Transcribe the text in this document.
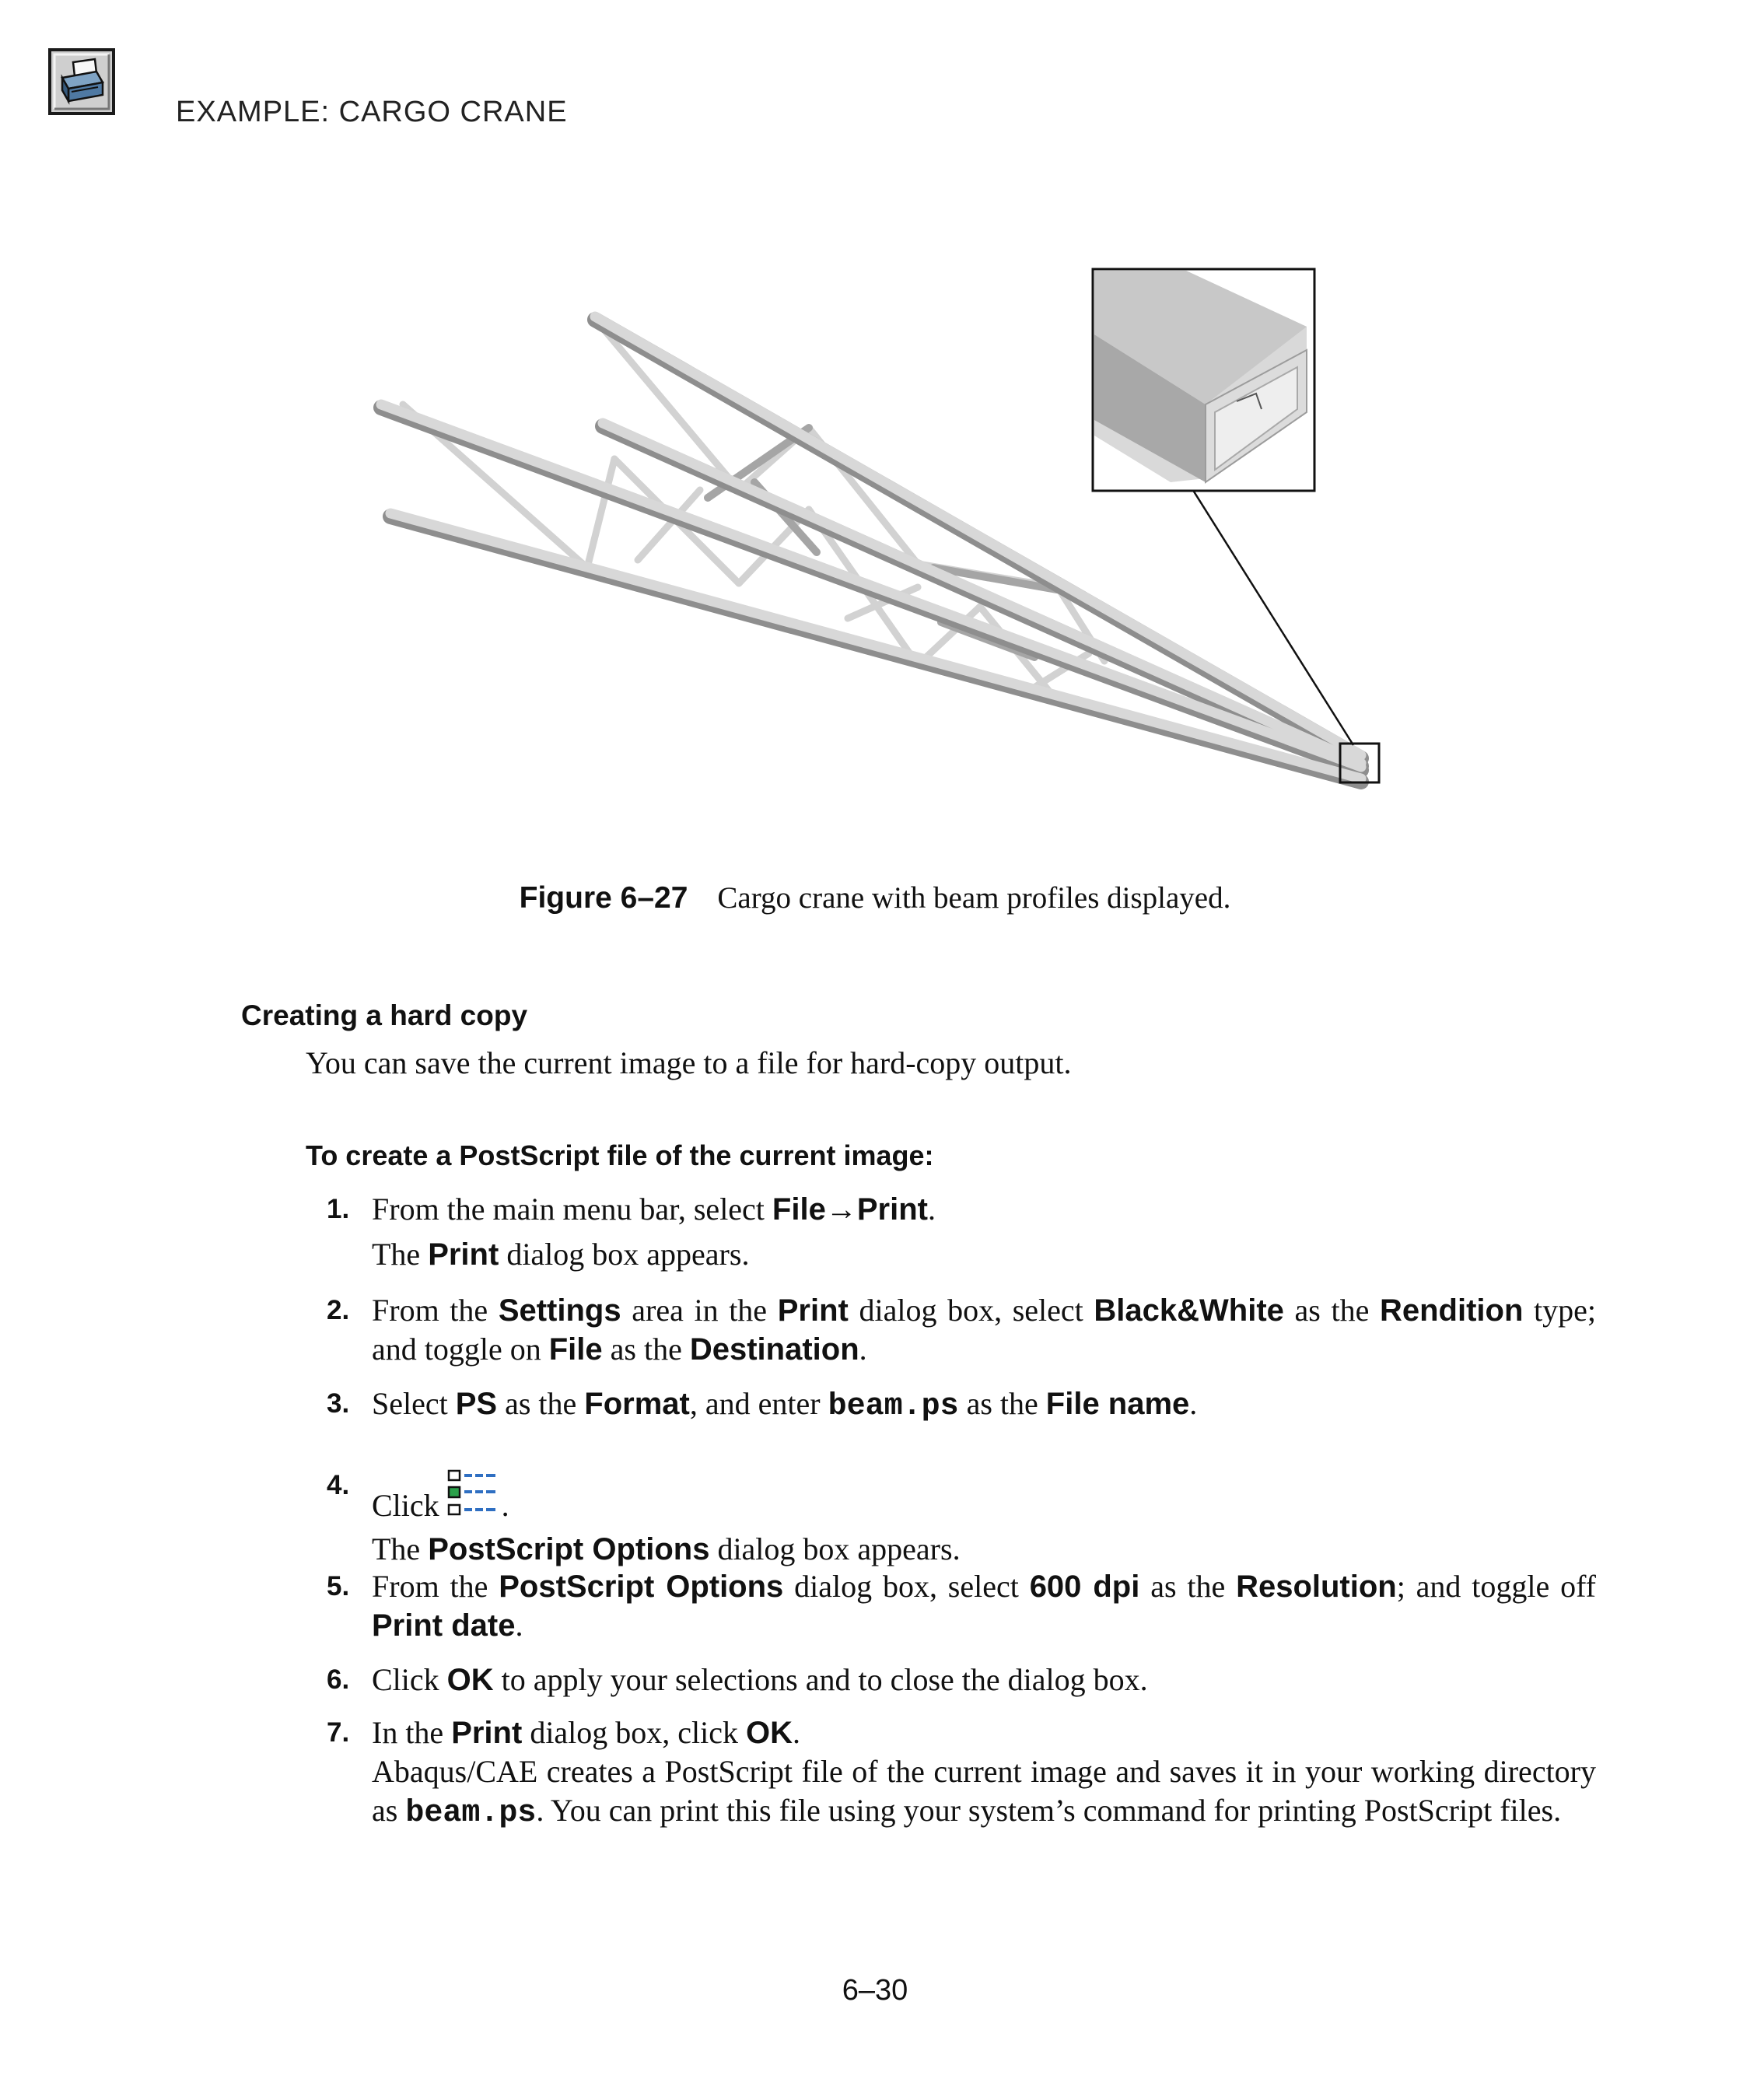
EXAMPLE: CARGO CRANE
Figure 6–27 Cargo crane with beam profiles displayed.
Creating a hard copy
You can save the current image to a file for hard-copy output.
To create a PostScript file of the current image:
1. From the main menu bar, select File→Print.

The Print dialog box appears.

2. From the Settings area in the Print dialog box, select Black&White as the Rendition type; and toggle on File as the Destination.

3. Select PS as the Format, and enter beam.ps as the File name.

4.

Click .

The PostScript Options dialog box appears.

5. From the PostScript Options dialog box, select 600 dpi as the Resolution; and toggle off Print date.

6. Click OK to apply your selections and to close the dialog box.

7. In the Print dialog box, click OK.

Abaqus/CAE creates a PostScript file of the current image and saves it in your working directory as beam.ps. You can print this file using your system’s command for printing PostScript files.

6–30
